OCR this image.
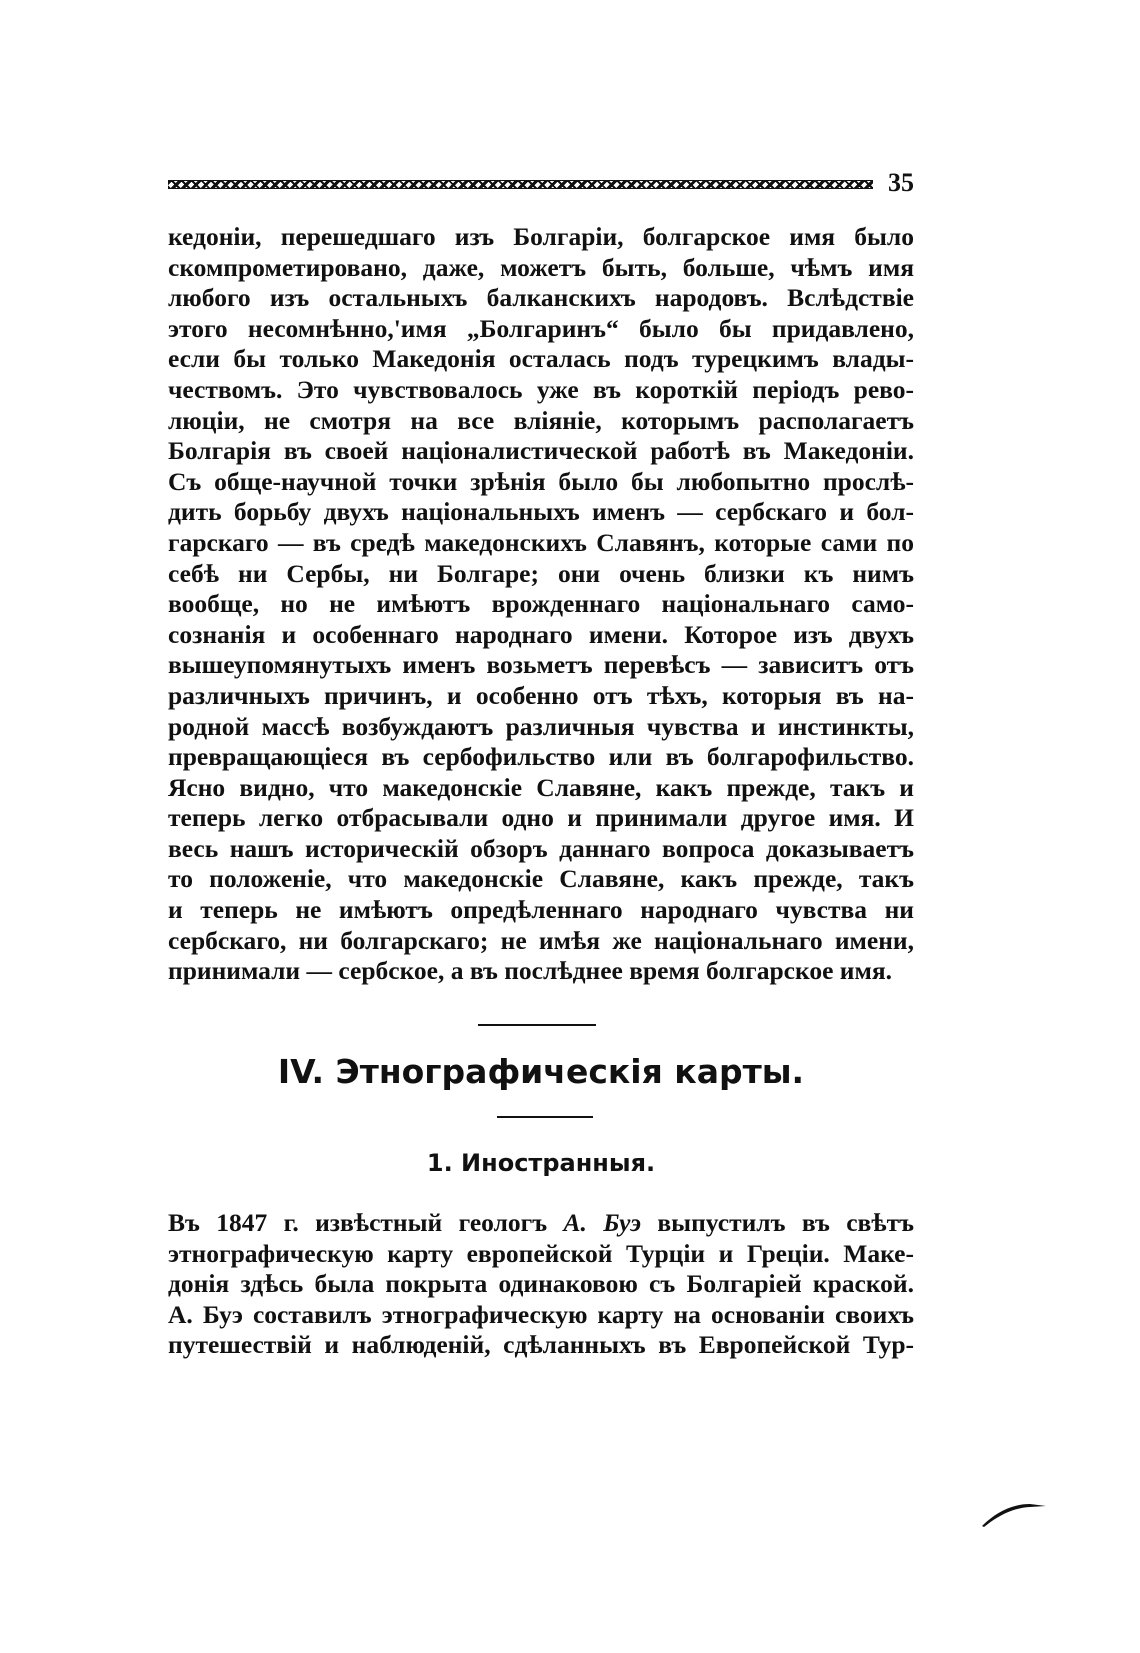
35
кедоніи, перешедшаго изъ Болгаріи, болгарское имя было
скомпрометировано, даже, можетъ быть, больше, чѣмъ имя
любого изъ остальныхъ балканскихъ народовъ. Вслѣдствіе
этого несомнѣнно,'имя „Болгаринъ“ было бы придавлено,
если бы только Македонія осталась подъ турецкимъ влады-
чествомъ. Это чувствовалось уже въ короткій періодъ рево-
люціи, не смотря на все вліяніе, которымъ располагаетъ
Болгарія въ своей націоналистической работѣ въ Македоніи.
Съ обще-научной точки зрѣнія было бы любопытно прослѣ-
дить борьбу двухъ національныхъ именъ — сербскаго и бол-
гарскаго — въ средѣ македонскихъ Славянъ, которые сами по
себѣ ни Сербы, ни Болгаре; они очень близки къ нимъ
вообще, но не имѣютъ врожденнаго національнаго само-
сознанія и особеннаго народнаго имени. Которое изъ двухъ
вышеупомянутыхъ именъ возьметъ перевѣсъ — зависитъ отъ
различныхъ причинъ, и особенно отъ тѣхъ, которыя въ на-
родной массѣ возбуждаютъ различныя чувства и инстинкты,
превращающіеся въ сербофильство или въ болгарофильство.
Ясно видно, что македонскіе Славяне, какъ прежде, такъ и
теперь легко отбрасывали одно и принимали другое имя. И
весь нашъ историческій обзоръ даннаго вопроса доказываетъ
то положеніе, что македонскіе Славяне, какъ прежде, такъ
и теперь не имѣютъ опредѣленнаго народнаго чувства ни
сербскаго, ни болгарскаго; не имѣя же національнаго имени,
принимали — сербское, а въ послѣднее время болгарское имя.
IV. Этнографическія карты.
1. Иностранныя.
Въ 1847 г. извѣстный геологъ А. Буэ выпустилъ въ свѣтъ
этнографическую карту европейской Турціи и Греціи. Маке-
донія здѣсь была покрыта одинаковою съ Болгаріей краской.
А. Буэ составилъ этнографическую карту на основаніи своихъ
путешествій и наблюденій, сдѣланныхъ въ Европейской Тур-
